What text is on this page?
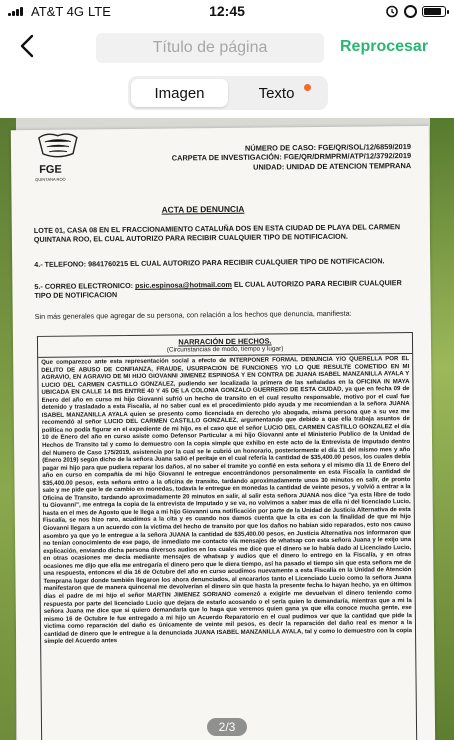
AT&T 4G LTE	12:45
Título de página	Reprocesar
Imagen	Texto
FGE
QUINTANA ROO
NÚMERO DE CASO: FGE/QR/SOL/12/6859/2019
CARPETA DE INVESTIGACIÓN: FGE/QR/DRMPRM/ATP/12/3792/2019
UNIDAD: UNIDAD DE ATENCION TEMPRANA
ACTA DE DENUNCIA
LOTE 01, CASA 08 EN EL FRACCIONAMIENTO CATALUÑA DOS EN ESTA CIUDAD DE PLAYA DEL CARMEN QUINTANA ROO, EL CUAL AUTORIZO PARA RECIBIR CUALQUIER TIPO DE NOTIFICACION.
4.- TELEFONO: 9841760215 EL CUAL AUTORIZO PARA RECIBIR CUALQUIER TIPO DE NOTIFICACION.
5.- CORREO ELECTRONICO: psic.espinosa@hotmail.com EL CUAL AUTORIZO PARA RECIBIR CUALQUIER TIPO DE NOTIFICACION
Sin más generales que agregar de su persona, con relación a los hechos que denuncia, manifiesta:
NARRACIÓN DE HECHOS.
(Circunstancias de modo, tiempo y lugar)
Que comparezco ante esta representación social a efecto de INTERPONER FORMAL DENUNCIA Y/O QUERELLA POR EL DELITO DE ABUSO DE CONFIANZA, FRAUDE, USURPACION DE FUNCIONES Y/O LO QUE RESULTE COMETIDO EN MI AGRAVIO, EN AGRAVIO DE MI HIJO GIOVANNI JIMENEZ ESPINOSA Y EN CONTRA DE JUANA ISABEL MANZANILLA AYALA Y LUCIO DEL CARMEN CASTILLO GONZALEZ, pudiendo ser localizada la primera de las señaladas en la OFICINA IN MAYA UBICADA EN CALLE 14 BIS ENTRE 40 Y 45 DE LA COLONIA GONZALO GUERRERO DE ESTA CIUDAD, ya que en fecha 09 de Enero del año en curso mi hijo Giovanni sufrió un hecho de transito en el cual resulto responsable, motivo por el cual fue detenido y trasladado a esta Fiscalía, al no saber cual es el procedimiento pido ayuda y me recomiendan a la señora JUANA ISABEL MANZANILLA AYALA quien se presento como licenciada en derecho y/o abogada, misma persona que a su vez me recomendó al señor LUCIO DEL CARMEN CASTILLO GONZALEZ, argumentando que debido a que ella trabaja asuntos de política no podía figurar en el expediente de mi hijo, es el caso que el señor LUCIO DEL CARMEN CASTILLO GONZALEZ el día 10 de Enero del año en curso asiste como Defensor Particular a mi hijo Giovanni ante el Ministerio Publico de la Unidad de Hechos de Transito tal y como lo demuestro con la copia simple que exhibo en este acto de la Entrevista de Imputado dentro del Numero de Caso 175/2019, asistencia por la cual se le cubrió un honorario, posteriormente el día 11 del mismo mes y año (Enero 2019) según dicho de la señora Juana salió el peritaje en el cual refería la cantidad de $35,400.00 pesos, los cuales debía pagar mi hijo para que pudiera reparar los daños, al no saber el tramite yo confié en esta señora y el mismo día 11 de Enero del año en curso en compañía de mi hijo Giovanni le entregue encontrándonos personalmente en esta Fiscalía la cantidad de $35,400.00 pesos, esta señora entro a la oficina de transito, tardando aproximadamente unos 30 minutos en salir, de pronto sale y me pide que le de cambio en monedas, todavía le entregue en monedas la cantidad de veinte pesos, y volvió a entrar a la Oficina de Transito, tardando aproximadamente 20 minutos en salir, al salir esta señora JUANA nos dice "ya esta libre de todo tu Giovanni", me entrega la copia de la entrevista de Imputado y se va, no volvimos a saber mas de ella ni del licenciado Lucio, hasta en el mes de Agosto que le llega a mi hijo Giovanni una notificación por parte de la Unidad de Justicia Alternativa de esta Fiscalía, se nos hizo raro, acudimos a la cita y es cuando nos damos cuenta que la cita es con la finalidad de que mi hijo Giovanni llegara a un acuerdo con la victima del hecho de transito por que los daños no habían sido reparados, esto nos causo asombro ya que yo le entregue a la señora JUANA la cantidad de $35,400.00 pesos, en Justicia Alternativa nos informaron que no tenían conocimiento de ese pago, de inmediato me contacto vía mensajes de whatsap con esta señora Juana y le exijo una explicación, enviando dicha persona diversos audios en los cuales me dice que el dinero se lo había dado al Licenciado Lucio, en otras ocasiones me decía mediante mensajes de whatsap y audios que el dinero lo entrego en la Fiscalía, y en otras ocasiones me dijo que ella me entregaría el dinero pero que le diera tiempo, así ha pasado el tiempo sin que esta señora me de una respuesta, entonces el día 16 de Octubre del año en curso acudimos nuevamente a esta Fiscalía en la Unidad de Atención Temprana lugar donde también llegaron los ahora denunciados, al encararlos tanto el Licenciado Lucio como la señora Juana manifestaron que de manera quincenal me devolverían el dinero sin que hasta la presente fecha lo hayan hecho, ya en últimos días el padre de mi hijo el señor MARTIN JIMENEZ SORIANO comenzó a exigirle me devuelvan el dinero teniendo como respuesta por parte del licenciado Lucio que dejara de estarlo acosando o el sería quien lo demandaría, mientras que a mi la señora Juana me dice que si quiero demandarla que lo haga que veremos quien gana ya que ella conoce mucha gente, ese mismo 16 de Octubre le fue entregado a mi hijo un Acuerdo Reparatorio en el cual pudimos ver que la cantidad que pide la victima como reparación del daño es únicamente de veinte mil pesos, es decir la reparación del daño real es menor a la cantidad de dinero que le entregue a la denunciada JUANA ISABEL MANZANILLA AYALA, tal y como lo demuestro con la copia simple del Acuerdo antes
2/3
